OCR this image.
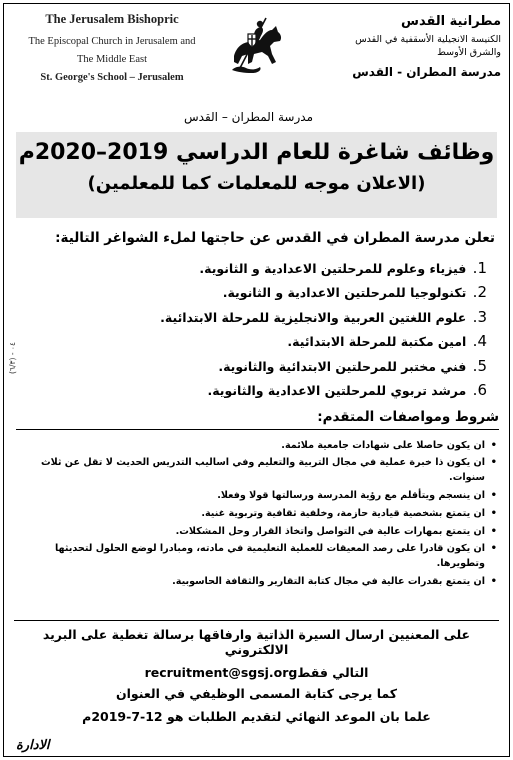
The Jerusalem Bishopric
The Episcopal Church in Jerusalem and
The Middle East
St. George's School – Jerusalem
مطرانية القدس
الكنيسة الانجيلية الأسقفية في القدس
والشرق الأوسط
مدرسة المطران - القدس
مدرسة المطران – القدس
وظائف شاغرة للعام الدراسي 2019–2020م
(الاعلان موجه للمعلمات كما للمعلمين)
تعلن مدرسة المطران في القدس عن حاجتها لملء الشواغر التالية:
1. فيزياء وعلوم للمرحلتين الاعدادية و الثانوية.
2. تكنولوجيا للمرحلتين الاعدادية و الثانوية.
3. علوم اللغتين العربية والانجليزية للمرحلة الابتدائية.
4. امين مكتبة للمرحلة الابتدائية.
5. فني مختبر للمرحلتين الابتدائية والثانوية.
6. مرشد تربوي للمرحلتين الاعدادية والثانوية.
(٦/٣) - ٠٤
شروط ومواصفات المتقدم:
• ان يكون حاصلا على شهادات جامعية ملائمة.
• ان يكون ذا خبرة عملية في مجال التربية والتعليم وفي اساليب التدريس الحديث لا تقل عن ثلاث سنوات.
• ان ينسجم ويتأقلم مع رؤية المدرسة ورسالتها قولا وفعلا.
• ان يتمتع بشخصية قيادية حازمة، وخلفية ثقافية وتربوية غنية.
• ان يتمتع بمهارات عالية في التواصل واتخاذ القرار وحل المشكلات.
• ان يكون قادرا على رصد المعيقات للعملية التعليمية في مادته، ومبادرا لوضع الحلول لتحديثها وتطويرها.
• ان يتمتع بقدرات عالية في مجال كتابة التقارير والثقافة الحاسوبية.
على المعنيين ارسال السيرة الذاتية وارفاقها برسالة تغطية على البريد الالكتروني
recruitment@sgsj.orgالتالي فقط
كما يرجى كتابة المسمى الوظيفي في العنوان
علما بان الموعد النهائي لتقديم الطلبات هو 12-7-2019م
الادارة
